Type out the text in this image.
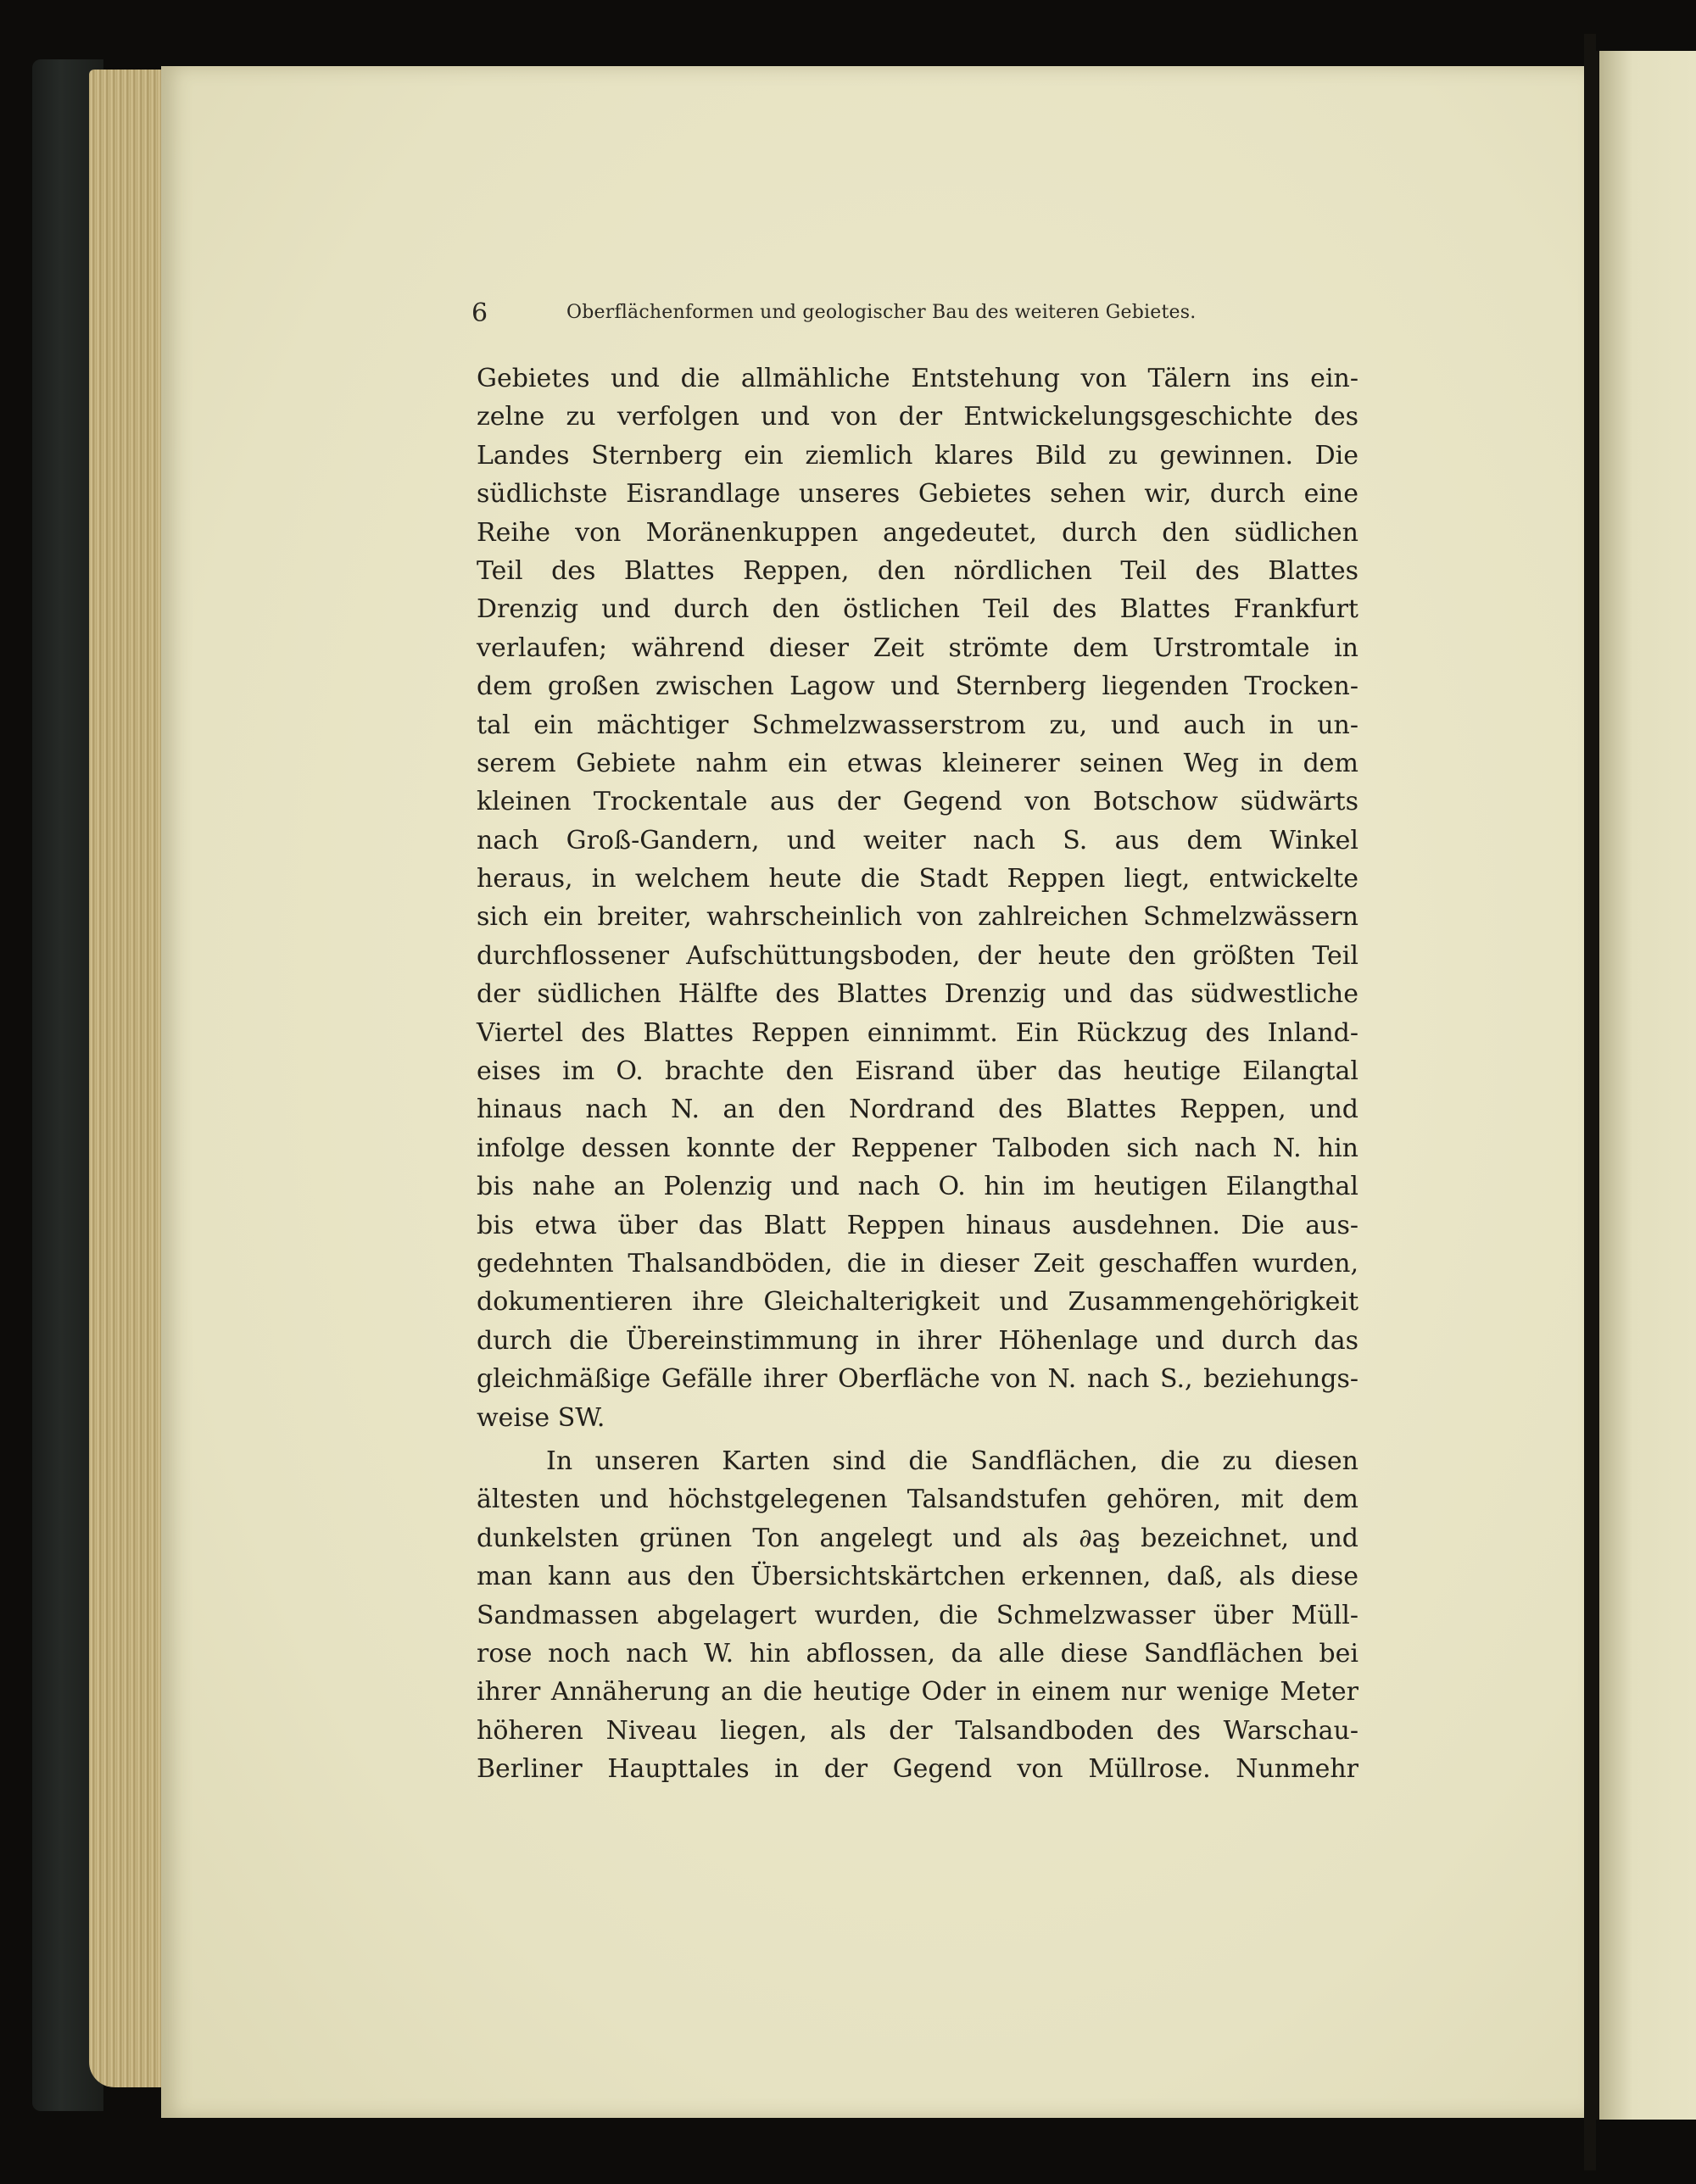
6	Oberflächenformen und geologischer Bau des weiteren Gebietes.
Gebietes und die allmähliche Entstehung von Tälern ins ein-
zelne zu verfolgen und von der Entwickelungsgeschichte des
Landes Sternberg ein ziemlich klares Bild zu gewinnen. Die
südlichste Eisrandlage unseres Gebietes sehen wir, durch eine
Reihe von Moränenkuppen angedeutet, durch den südlichen
Teil des Blattes Reppen, den nördlichen Teil des Blattes
Drenzig und durch den östlichen Teil des Blattes Frankfurt
verlaufen; während dieser Zeit strömte dem Urstromtale in
dem großen zwischen Lagow und Sternberg liegenden Trocken-
tal ein mächtiger Schmelzwasserstrom zu, und auch in un-
serem Gebiete nahm ein etwas kleinerer seinen Weg in dem
kleinen Trockentale aus der Gegend von Botschow südwärts
nach Groß-Gandern, und weiter nach S. aus dem Winkel
heraus, in welchem heute die Stadt Reppen liegt, entwickelte
sich ein breiter, wahrscheinlich von zahlreichen Schmelzwässern
durchflossener Aufschüttungsboden, der heute den größten Teil
der südlichen Hälfte des Blattes Drenzig und das südwestliche
Viertel des Blattes Reppen einnimmt. Ein Rückzug des Inland-
eises im O. brachte den Eisrand über das heutige Eilangtal
hinaus nach N. an den Nordrand des Blattes Reppen, und
infolge dessen konnte der Reppener Talboden sich nach N. hin
bis nahe an Polenzig und nach O. hin im heutigen Eilangthal
bis etwa über das Blatt Reppen hinaus ausdehnen. Die aus-
gedehnten Thalsandböden, die in dieser Zeit geschaffen wurden,
dokumentieren ihre Gleichalterigkeit und Zusammengehörigkeit
durch die Übereinstimmung in ihrer Höhenlage und durch das
gleichmäßige Gefälle ihrer Oberfläche von N. nach S., beziehungs-
weise SW.
In unseren Karten sind die Sandflächen, die zu diesen
ältesten und höchstgelegenen Talsandstufen gehören, mit dem
dunkelsten grünen Ton angelegt und als ∂as̺ bezeichnet, und
man kann aus den Übersichtskärtchen erkennen, daß, als diese
Sandmassen abgelagert wurden, die Schmelzwasser über Müll-
rose noch nach W. hin abflossen, da alle diese Sandflächen bei
ihrer Annäherung an die heutige Oder in einem nur wenige Meter
höheren Niveau liegen, als der Talsandboden des Warschau-
Berliner Haupttales in der Gegend von Müllrose. Nunmehr
